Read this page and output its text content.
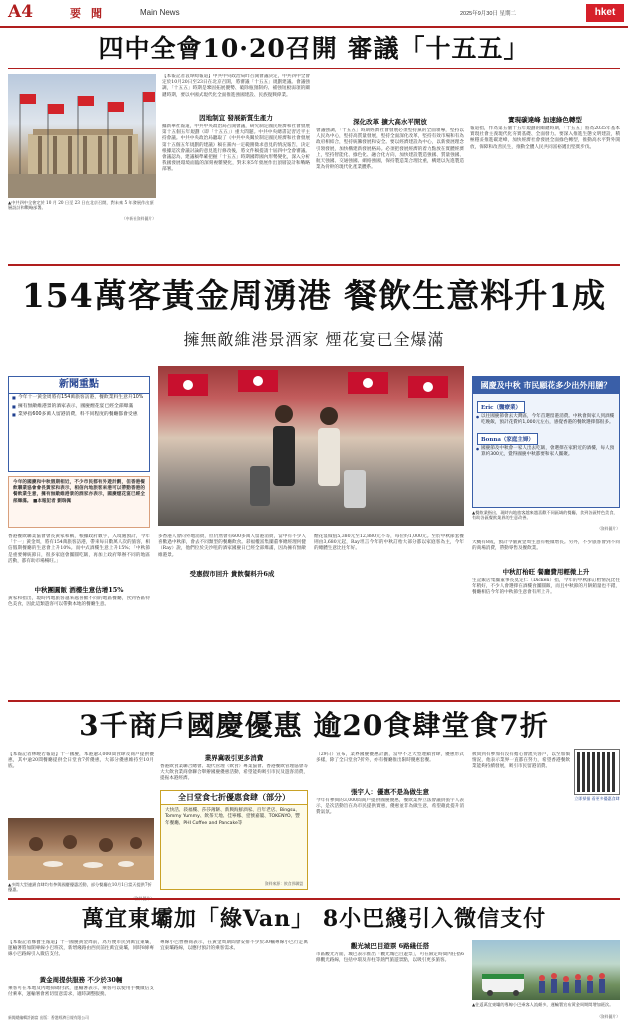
A4	要聞	Main News	2025年9月30日 星期二	hket
四中全會10·20召開 審議「十五五」
▲中共四中全會定於 10 月 20 日至 23 日在北京召開，對未來 5 年發展作出頂層設計和戰略部署。
（中新社資料圖片）
【本報記者袁瑋綺報道】中共中央政治局昨召開會議決定，中共四中全會定於10月20日至23日在北京召開，將審議「十五五」規劃建議。會議強調，「十五五」時期是鞏固拓展優勢、破除瓶頸制約、補強短板弱項的關鍵時期，要以中國式現代化全面推進強國建設、民族復興偉業。
因地制宜 發展新質生產力
據新華社報道，中共中央政治局召開會議，研究制定國民經濟和社會發展第十五個五年規劃（即「十五五」）重大問題。中共中央總書記習近平主持會議。中共中央政治局聽取了《中共中央關於制定國民經濟和社會發展第十五個五年規劃的建議》稿在黨內一定範圍徵求意見的情況報告，決定根據這次會議討論的意見進行修改後，將文件稿提請十屆四中全會審議。會議認為，建議稿準確把握「十五五」時期國際國內形勢變化，深入分析我國發展環境面臨的深刻複雜變化，對未來5年發展作出頂層設計和戰略部署。
深化改革 擴大高水平開放
會議強調，「十五五」時期經濟社會發展必須堅持黨的全面領導，堅持以人民為中心，堅持高質量發展，堅持全面深化改革，堅持有效市場和有為政府相結合，堅持統籌發展和安全。要以經濟建設為中心，以新發展理念引領發展，加快構建新發展格局。必須把發展經濟的着力點放在實體經濟上，堅持智能化、綠色化、融合化方向，加快建設製造強國、質量強國、航天強國、交通強國、網絡強國，保持製造業合理比重，構建以先進製造業為骨幹的現代化產業體系。
實現碳達峰 加速綠色轉型
報道指，作為第五個十五年規劃的關鍵時期，「十五五」將為2035年基本實現社會主義現代化夯實基礎、全面發力。要深入推進生態文明建設，積極穩妥推進碳達峰，加快經濟社會發展全面綠色轉型，推動高水平對外開放，保障和改善民生，推動全體人民共同富裕邁出堅實步伐。
154萬客黃金周湧港 餐飲生意料升1成
擁無敵維港景酒家 煙花宴已全爆滿
新聞重點
■ 今年十一黃金周將有154萬旅客訪港，餐飲業料生意升10%
■ 擁有無敵維港景的酒家表示，國慶煙花宴已經全部爆滿
■ 業界指600多萬人留港消費，料不同程度的餐廳都會受惠
今年的國慶和中秋假期相近，不少市民都有外遊計劃，但香港餐飲聯業協會會長黃家和表示，相信內地旅客來港可以帶動香港的餐飲業生意，擁有無敵維港景的酒家亦表示，國慶煙花宴已經全部爆滿。 ■本報記者 劉瑞佩
▲餐飲業指出，現時內地旅客越來越喜歡不同區域的餐廳，食到各區特色美食，有助各區餐飲業界的生意改善。
（資料圖片）
國慶及中秋 市民願花多少出外用膳？
Eric（醫療業）
● 以往國慶節會去大灣區，今年首選留港消費。中秋會與家人到酒樓吃晚飯，預計花費約1,000元左右，感覺香港的餐飲選擇都很多。
Bonna（家庭主婦）
● 國慶節及中秋會一家人出去吃飯，會選擇在家附近的酒樓，每人預算約300元，覺得國慶中秋都要和家人團聚。
香港餐飲聯業協會會長黃家和稱，根據政府數字，入境處預計，今年「十一」黃金周，將有154萬旅客訪港，帶來每日數萬人次的旅客，相信假期餐廳的生意會上升10%。而中式酒樓生意上升15%；「中秋節是重要傳統節日，很多家庭會團圓吃飯，再加上政府舉辦不同的地區活動，都有助市場暢旺。」
中秋團圓飯 酒樓生意估增15%
黃家和指出，現時內地旅客越來越喜歡不同的地區餐廳，食到各區特色美食，因此這類遊客可以帶動本地的餐廳生意。
多香港人會向外地消費，但仍然會有600多萬人留港消費，當中有不少人喜歡過中秋節，會去不同類型的餐廳飲食。彩福權富集團董事總經理何健（Ray）說，他們位於尖沙咀的酒家國慶日已經全部爆滿，因為擁有無敵維港景。
受惠假市回升 貴飲餐料升6成
煙花宴價值5,380元至12,880元不等，每位約1,000元。至於中秋節套餐則由3,680元起，Ray坦言今年的中秋訂枱大部分都以家庭客為主，今年的總體生意比往年好。
大概有8成，預計今個黃金周生意有輕微增長。另外，不少旅客會到不同的商場消費，帶動零售及餐飲業。
中秋訂枱旺 餐廳費用輕微上升
生記飯店集團董事長莫定仁（Dicken）指，今年的中秋節訂枱情況比往年稍好，不少人會選擇在酒樓食團圓飯，而且中秋節的月餅銷量也不錯，餐廳相信今年的中秋節生意會有所上升。
3千商戶國慶優惠 逾20食肆堂食7折
【本報記者林曉若報道】十一國慶，本港逾3,000間食肆及商戶提供優惠，其中逾20間餐廳提供全日堂食7折優惠，大部分優惠維持至10月底。
▲多間大型連鎖食肆均有參與國慶優惠活動，部分餐廳在10月1日當天提供7折優惠。
業界冀吸引更多消費
香港飲食業聯合總會、現代管理（飲食）專業協會、香港餐飲管理協會等大大飲食業商會聯合舉辦國慶優惠活動，希望能夠吸引市民及遊客消費，提振本港經濟。
全日堂食七折優惠食肆（部分）
大快活、敍福樓、莎莎薄餅、新興海鮮酒家、百年老店、Bingsu、Tommy Yummy、飲茶天地、佳寧娜、壹號嘉閣、TOKENYO、豐年餐廳、PHI Coffee and Pancake等
資料來源：飲食界聯盟
（29日）宣布，業界國慶優惠計劃，當中不乏大型連鎖食肆，優惠形式多樣，除了全日堂食7折外，亦有餐廳推出限時優惠套餐。
張宇人：優惠不是為做生意
今年有參與的3,000間商戶提供國慶優惠，餐飲業界立法會議員張宇人表示，是次活動旨在為市民提供實惠，優惠並非為做生意，希望藉此提升消費氣氛。
被問到有參加有沒有擔心會流失客戶，以至加價情況，他表示業界一直都在努力，希望香港餐飲業能夠持續發展，吸引市民留港消費。
立即掃描 看更多優惠食肆
萬宜東壩加「綠Van」 8小巴綫引入微信支付
【本報記者鄭寶生報道】十一國慶黃金周前，為方便市民到萬宜東壩，運輸署將加開專線小巴班次，新增綫路由西貢前往萬宜東壩，同時8條專線小巴路線引入微信支付。
黃金周提供服務 不少於30輛
乘客可在本地及內地掃碼付款，運輸署表示，乘客可以使用手機微信支付乘車，運輸署會密切留意需求，適時調整服務。
專線小巴營辦商表示，在黃金周期間會安排不少於30輛專線小巴行走萬宜東壩路線，以應付預計的乘客需求。	觀光城巴目遊票 6路綫任搭
市區觀光方面，城巴表示推出「觀光城巴目遊票」，可在限定時間內任搭6條觀光路線，包括中環及赤柱等熱門旅遊景點，以吸引更多旅客。
▲往返萬宜東壩的專線小巴乘客人流頗多，運輸署宣布黃金周期間增加班次。
（資料圖片）
新聞總編輯許錦富 出版：香港經濟日報有限公司
